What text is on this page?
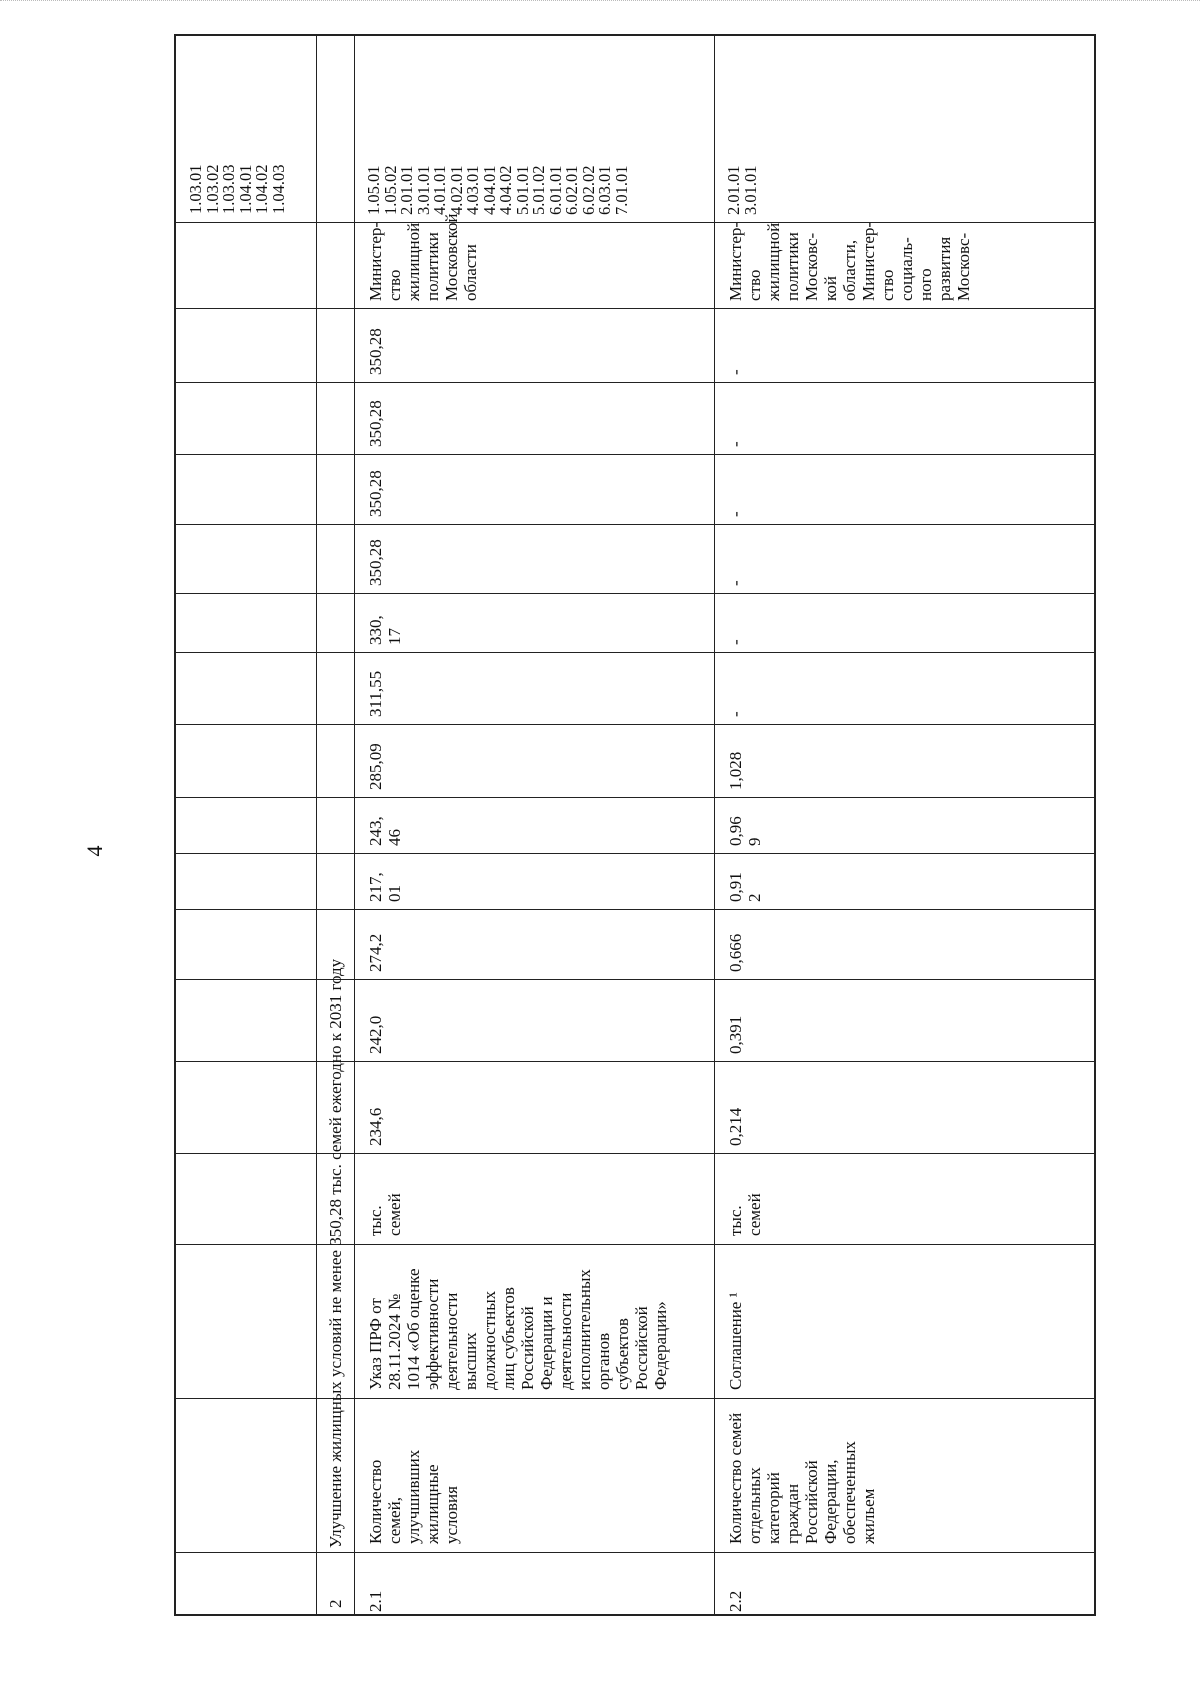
4
1.03.01
1.03.02
1.03.03
1.04.01
1.04.02
1.04.03
2
Улучшение жилищных условий не менее 350,28 тыс. семей ежегодно к 2031 году
2.1
Количество
семей,
улучшивших
жилищные
условия
Указ ПРФ от
28.11.2024 №
1014 «Об оценке
эффективности
деятельности
высших
должностных
лиц субъектов
Российской
Федерации и
деятельности
исполнительных
органов
субъектов
Российской
Федерации»
тыс.
семей
234,6
242,0
274,2
217,
01
243,
46
285,09
311,55
330,
17
350,28
350,28
350,28
350,28
Министер-
ство
жилищной
политики
Московской
области
1.05.01
1.05.02
2.01.01
3.01.01
4.01.01
4.02.01
4.03.01
4.04.01
4.04.02
5.01.01
5.01.02
6.01.01
6.02.01
6.02.02
6.03.01
7.01.01
2.2
Количество семей
отдельных
категорий
граждан
Российской
Федерации,
обеспеченных
жильем
Соглашение ¹
тыс.
семей
0,214
0,391
0,666
0,91
2
0,96
9
1,028
-
-
-
-
-
-
Министер-
ство
жилищной
политики
Московс-
кой
области,
Министер-
ство
социаль-
ного
развития
Московс-
2.01.01
3.01.01
